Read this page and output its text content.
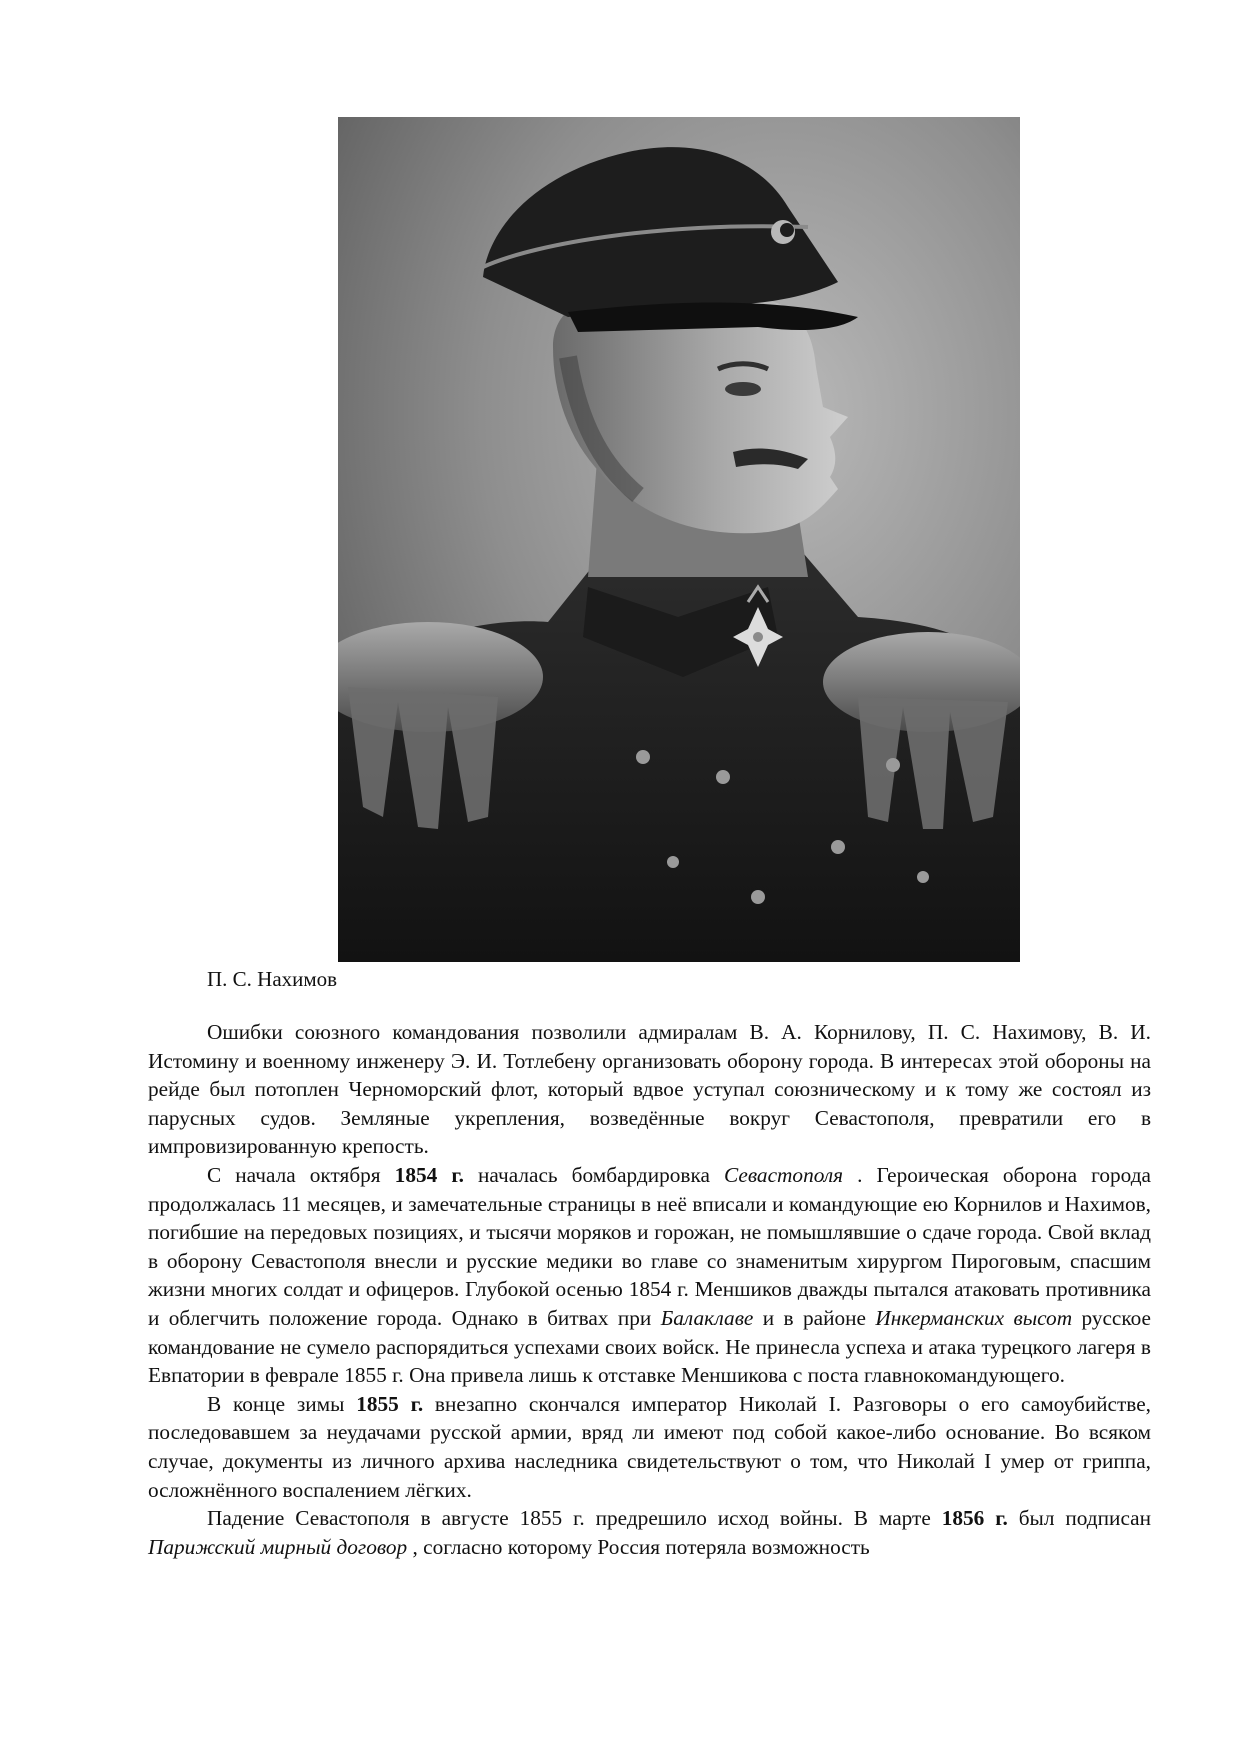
П. С. Нахимов

Ошибки союзного командования позволили адмиралам В. А. Корнилову, П. С. Нахимову, В. И. Истомину и военному инженеру Э. И. Тотлебену организовать оборону города. В интересах этой обороны на рейде был потоплен Черноморский флот, который вдвое уступал союзническому и к тому же состоял из парусных судов. Земляные укрепления, возведённые вокруг Севастополя, превратили его в импровизированную крепость.

С начала октября 1854 г. началась бомбардировка Севастополя . Героическая оборона города продолжалась 11 месяцев, и замечательные страницы в неё вписали и командующие ею Корнилов и Нахимов, погибшие на передовых позициях, и тысячи моряков и горожан, не помышлявшие о сдаче города. Свой вклад в оборону Севастополя внесли и русские медики во главе со знаменитым хирургом Пироговым, спасшим жизни многих солдат и офицеров. Глубокой осенью 1854 г. Меншиков дважды пытался атаковать противника и облегчить положение города. Однако в битвах при Балаклаве и в районе Инкерманских высот русское командование не сумело распорядиться успехами своих войск. Не принесла успеха и атака турецкого лагеря в Евпатории в феврале 1855 г. Она привела лишь к отставке Меншикова с поста главнокомандующего.

В конце зимы 1855 г. внезапно скончался император Николай I. Разговоры о его самоубийстве, последовавшем за неудачами русской армии, вряд ли имеют под собой какое-либо основание. Во всяком случае, документы из личного архива наследника свидетельствуют о том, что Николай I умер от гриппа, осложнённого воспалением лёгких.

Падение Севастополя в августе 1855 г. предрешило исход войны. В марте 1856 г. был подписан Парижский мирный договор , согласно которому Россия потеряла возможность
